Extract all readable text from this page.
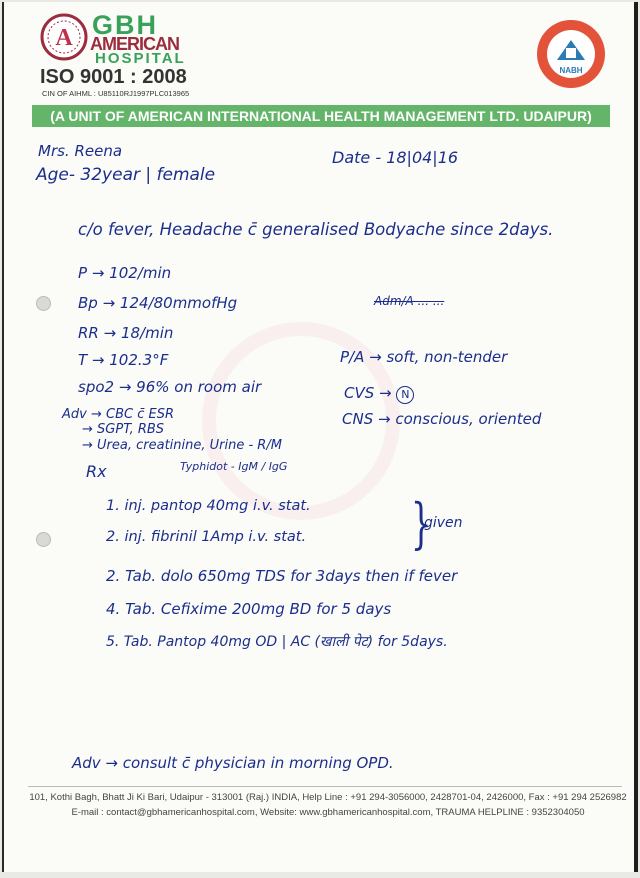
A GBH
AMERICAN
HOSPITAL
ISO 9001 : 2008
CIN OF AIHML : U85110RJ1997PLC013965
NABH
(A UNIT OF AMERICAN INTERNATIONAL HEALTH MANAGEMENT LTD. UDAIPUR)
Mrs. Reena
Age- 32year | female
Date - 18|04|16
c/o fever, Headache c̄ generalised Bodyache since 2days.
P → 102/min
Bp → 124/80mmofHg
RR → 18/min
T → 102.3°F
spo2 → 96% on room air
Adm/A ... ...
P/A → soft, non-tender
CVS → N
CNS → conscious, oriented
Adv → CBC c̄ ESR
→ SGPT, RBS
→ Urea, creatinine, Urine - R/M
Typhidot - IgM / IgG
Rx
1. inj. pantop 40mg i.v. stat.
2. inj. fibrinil 1Amp i.v. stat. }
given
2. Tab. dolo 650mg TDS for 3days then if fever
4. Tab. Cefixime 200mg BD for 5 days
5. Tab. Pantop 40mg OD | AC (खाली पेट) for 5days.
Adv → consult c̄ physician in morning OPD.
101, Kothi Bagh, Bhatt Ji Ki Bari, Udaipur - 313001 (Raj.) INDIA, Help Line : +91 294-3056000, 2428701-04, 2426000, Fax : +91 294 2526982
E-mail : contact@gbhamericanhospital.com, Website: www.gbhamericanhospital.com, TRAUMA HELPLINE : 9352304050
